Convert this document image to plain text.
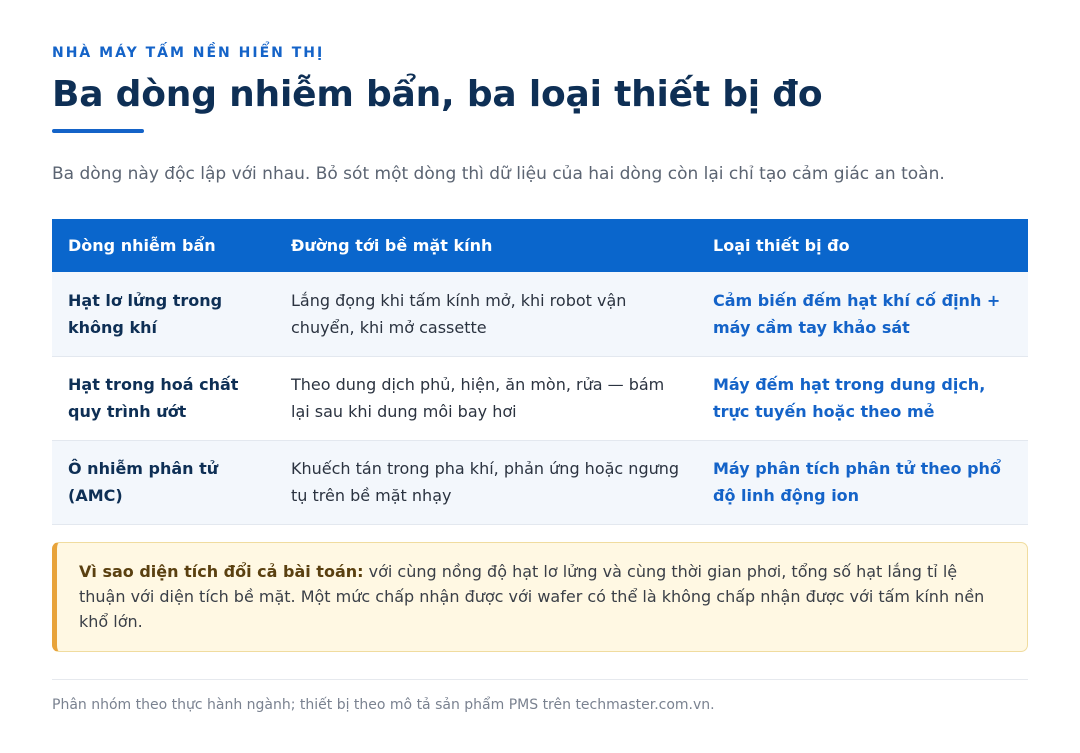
NHÀ MÁY TẤM NỀN HIỂN THỊ
Ba dòng nhiễm bẩn, ba loại thiết bị đo

Ba dòng này độc lập với nhau. Bỏ sót một dòng thì dữ liệu của hai dòng còn lại chỉ tạo cảm giác an toàn.

Dòng nhiễm bẩn	Đường tới bề mặt kính	Loại thiết bị đo
Hạt lơ lửng trong không khí	Lắng đọng khi tấm kính mở, khi robot vận chuyển, khi mở cassette	Cảm biến đếm hạt khí cố định + máy cầm tay khảo sát
Hạt trong hoá chất quy trình ướt	Theo dung dịch phủ, hiện, ăn mòn, rửa — bám lại sau khi dung môi bay hơi	Máy đếm hạt trong dung dịch, trực tuyến hoặc theo mẻ
Ô nhiễm phân tử (AMC)	Khuếch tán trong pha khí, phản ứng hoặc ngưng tụ trên bề mặt nhạy	Máy phân tích phân tử theo phổ độ linh động ion
Vì sao diện tích đổi cả bài toán: với cùng nồng độ hạt lơ lửng và cùng thời gian phơi, tổng số hạt lắng tỉ lệ thuận với diện tích bề mặt. Một mức chấp nhận được với wafer có thể là không chấp nhận được với tấm kính nền khổ lớn.

Phân nhóm theo thực hành ngành; thiết bị theo mô tả sản phẩm PMS trên techmaster.com.vn.
